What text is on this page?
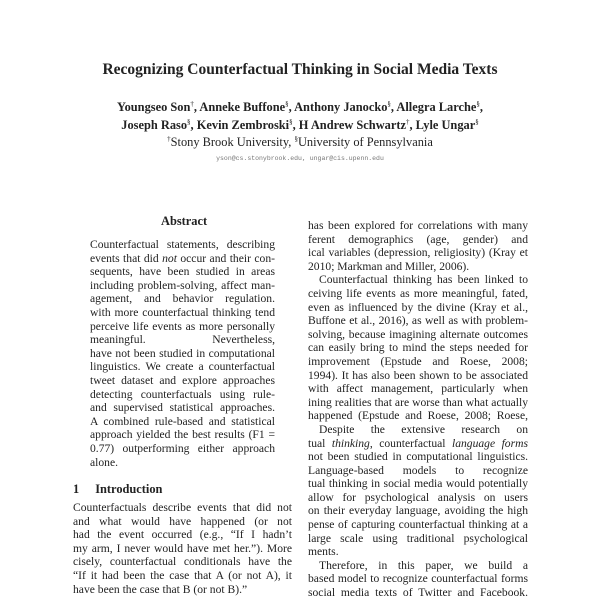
Recognizing Counterfactual Thinking in Social Media Texts
Youngseo Son†, Anneke Buffone§, Anthony Janocko§, Allegra Larche§,
Joseph Raso§, Kevin Zembroski§, H Andrew Schwartz†, Lyle Ungar§
†Stony Brook University, §University of Pennsylvania
yson@cs.stonybrook.edu, ungar@cis.upenn.edu
Abstract
Counterfactual statements, describing
events that did not occur and their con-
sequents, have been studied in areas
including problem-solving, affect man-
agement, and behavior regulation.
with more counterfactual thinking tend
perceive life events as more personally
meaningful. Nevertheless,
have not been studied in computational
linguistics. We create a counterfactual
tweet dataset and explore approaches
detecting counterfactuals using rule-
and supervised statistical approaches.
A combined rule-based and statistical
approach yielded the best results (F1 =
0.77) outperforming either approach
alone.
1 Introduction
Counterfactuals describe events that did not
and what would have happened (or not
had the event occurred (e.g., “If I hadn’t
my arm, I never would have met her.”). More
cisely, counterfactual conditionals have the
“If it had been the case that A (or not A), it
have been the case that B (or not B).”
has been explored for correlations with many
ferent demographics (age, gender) and
ical variables (depression, religiosity) (Kray et
2010; Markman and Miller, 2006).
Counterfactual thinking has been linked to
ceiving life events as more meaningful, fated,
even as influenced by the divine (Kray et al.,
Buffone et al., 2016), as well as with problem-
solving, because imagining alternate outcomes
can easily bring to mind the steps needed for
improvement (Epstude and Roese, 2008;
1994). It has also been shown to be associated
with affect management, particularly when
ining realities that are worse than what actually
happened (Epstude and Roese, 2008; Roese,
Despite the extensive research on
tual thinking, counterfactual language forms
not been studied in computational linguistics.
Language-based models to recognize
tual thinking in social media would potentially
allow for psychological analysis on users
on their everyday language, avoiding the high
pense of capturing counterfactual thinking at a
large scale using traditional psychological
ments.
Therefore, in this paper, we build a
based model to recognize counterfactual forms
social media texts of Twitter and Facebook.
